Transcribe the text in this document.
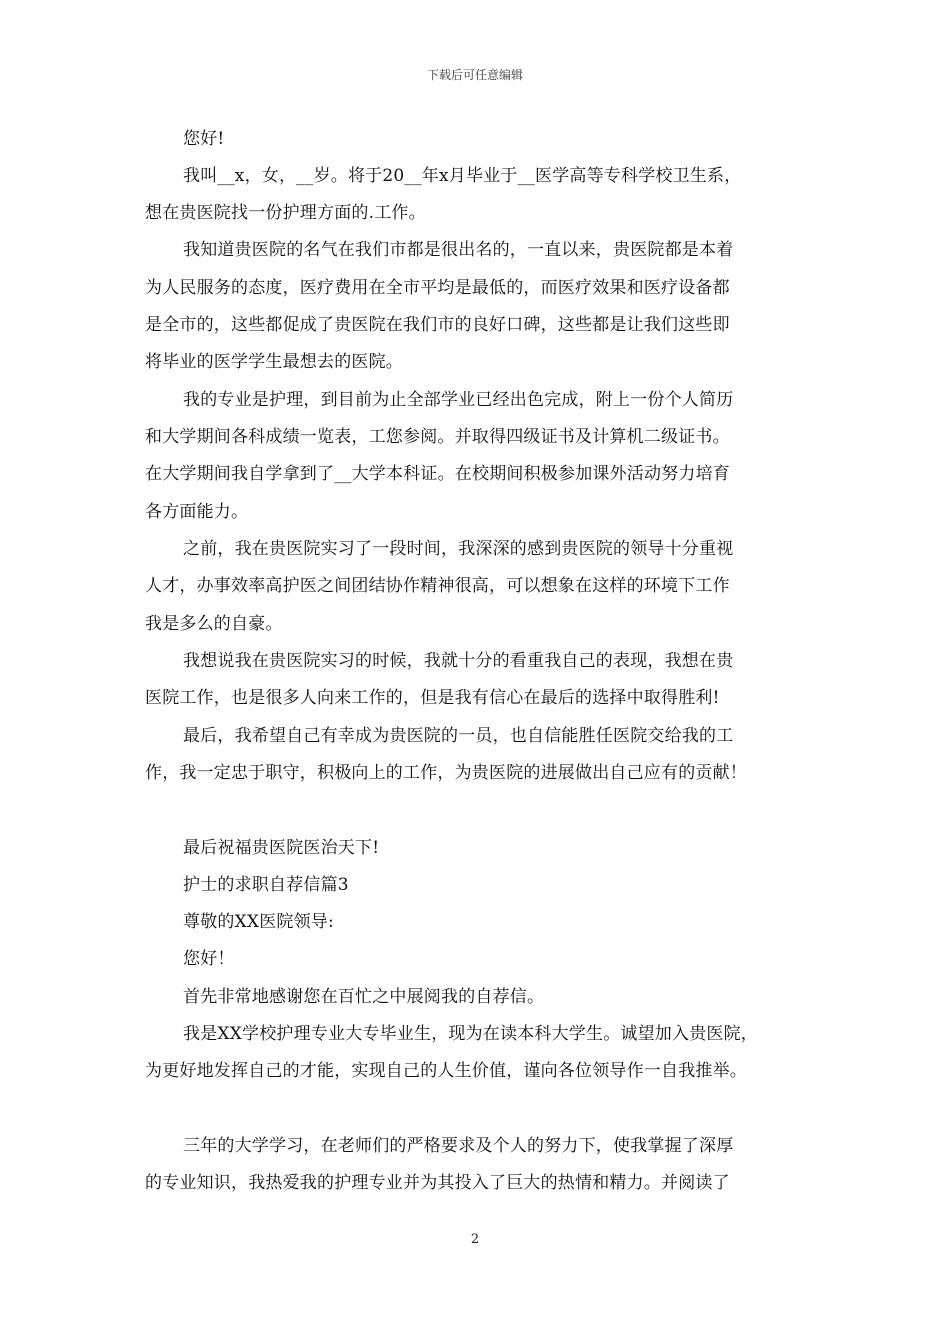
下载后可任意编辑
您好!
我叫__x，女，__岁。将于20__年x月毕业于__医学高等专科学校卫生系，
想在贵医院找一份护理方面的.工作。
我知道贵医院的名气在我们市都是很出名的，一直以来，贵医院都是本着
为人民服务的态度，医疗费用在全市平均是最低的，而医疗效果和医疗设备都
是全市的，这些都促成了贵医院在我们市的良好口碑，这些都是让我们这些即
将毕业的医学学生最想去的医院。
我的专业是护理，到目前为止全部学业已经出色完成，附上一份个人简历
和大学期间各科成绩一览表，工您参阅。并取得四级证书及计算机二级证书。
在大学期间我自学拿到了__大学本科证。在校期间积极参加课外活动努力培育
各方面能力。
之前，我在贵医院实习了一段时间，我深深的感到贵医院的领导十分重视
人才，办事效率高护医之间团结协作精神很高，可以想象在这样的环境下工作
我是多么的自豪。
我想说我在贵医院实习的时候，我就十分的看重我自己的表现，我想在贵
医院工作，也是很多人向来工作的，但是我有信心在最后的选择中取得胜利!
最后，我希望自己有幸成为贵医院的一员，也自信能胜任医院交给我的工
作，我一定忠于职守，积极向上的工作，为贵医院的进展做出自己应有的贡献！
最后祝福贵医院医治天下!
护士的求职自荐信篇3
尊敬的XX医院领导:
您好！
首先非常地感谢您在百忙之中展阅我的自荐信。
我是XX学校护理专业大专毕业生，现为在读本科大学生。诚望加入贵医院，
为更好地发挥自己的才能，实现自己的人生价值，谨向各位领导作一自我推举。
三年的大学学习，在老师们的严格要求及个人的努力下，使我掌握了深厚
的专业知识，我热爱我的护理专业并为其投入了巨大的热情和精力。并阅读了
2
